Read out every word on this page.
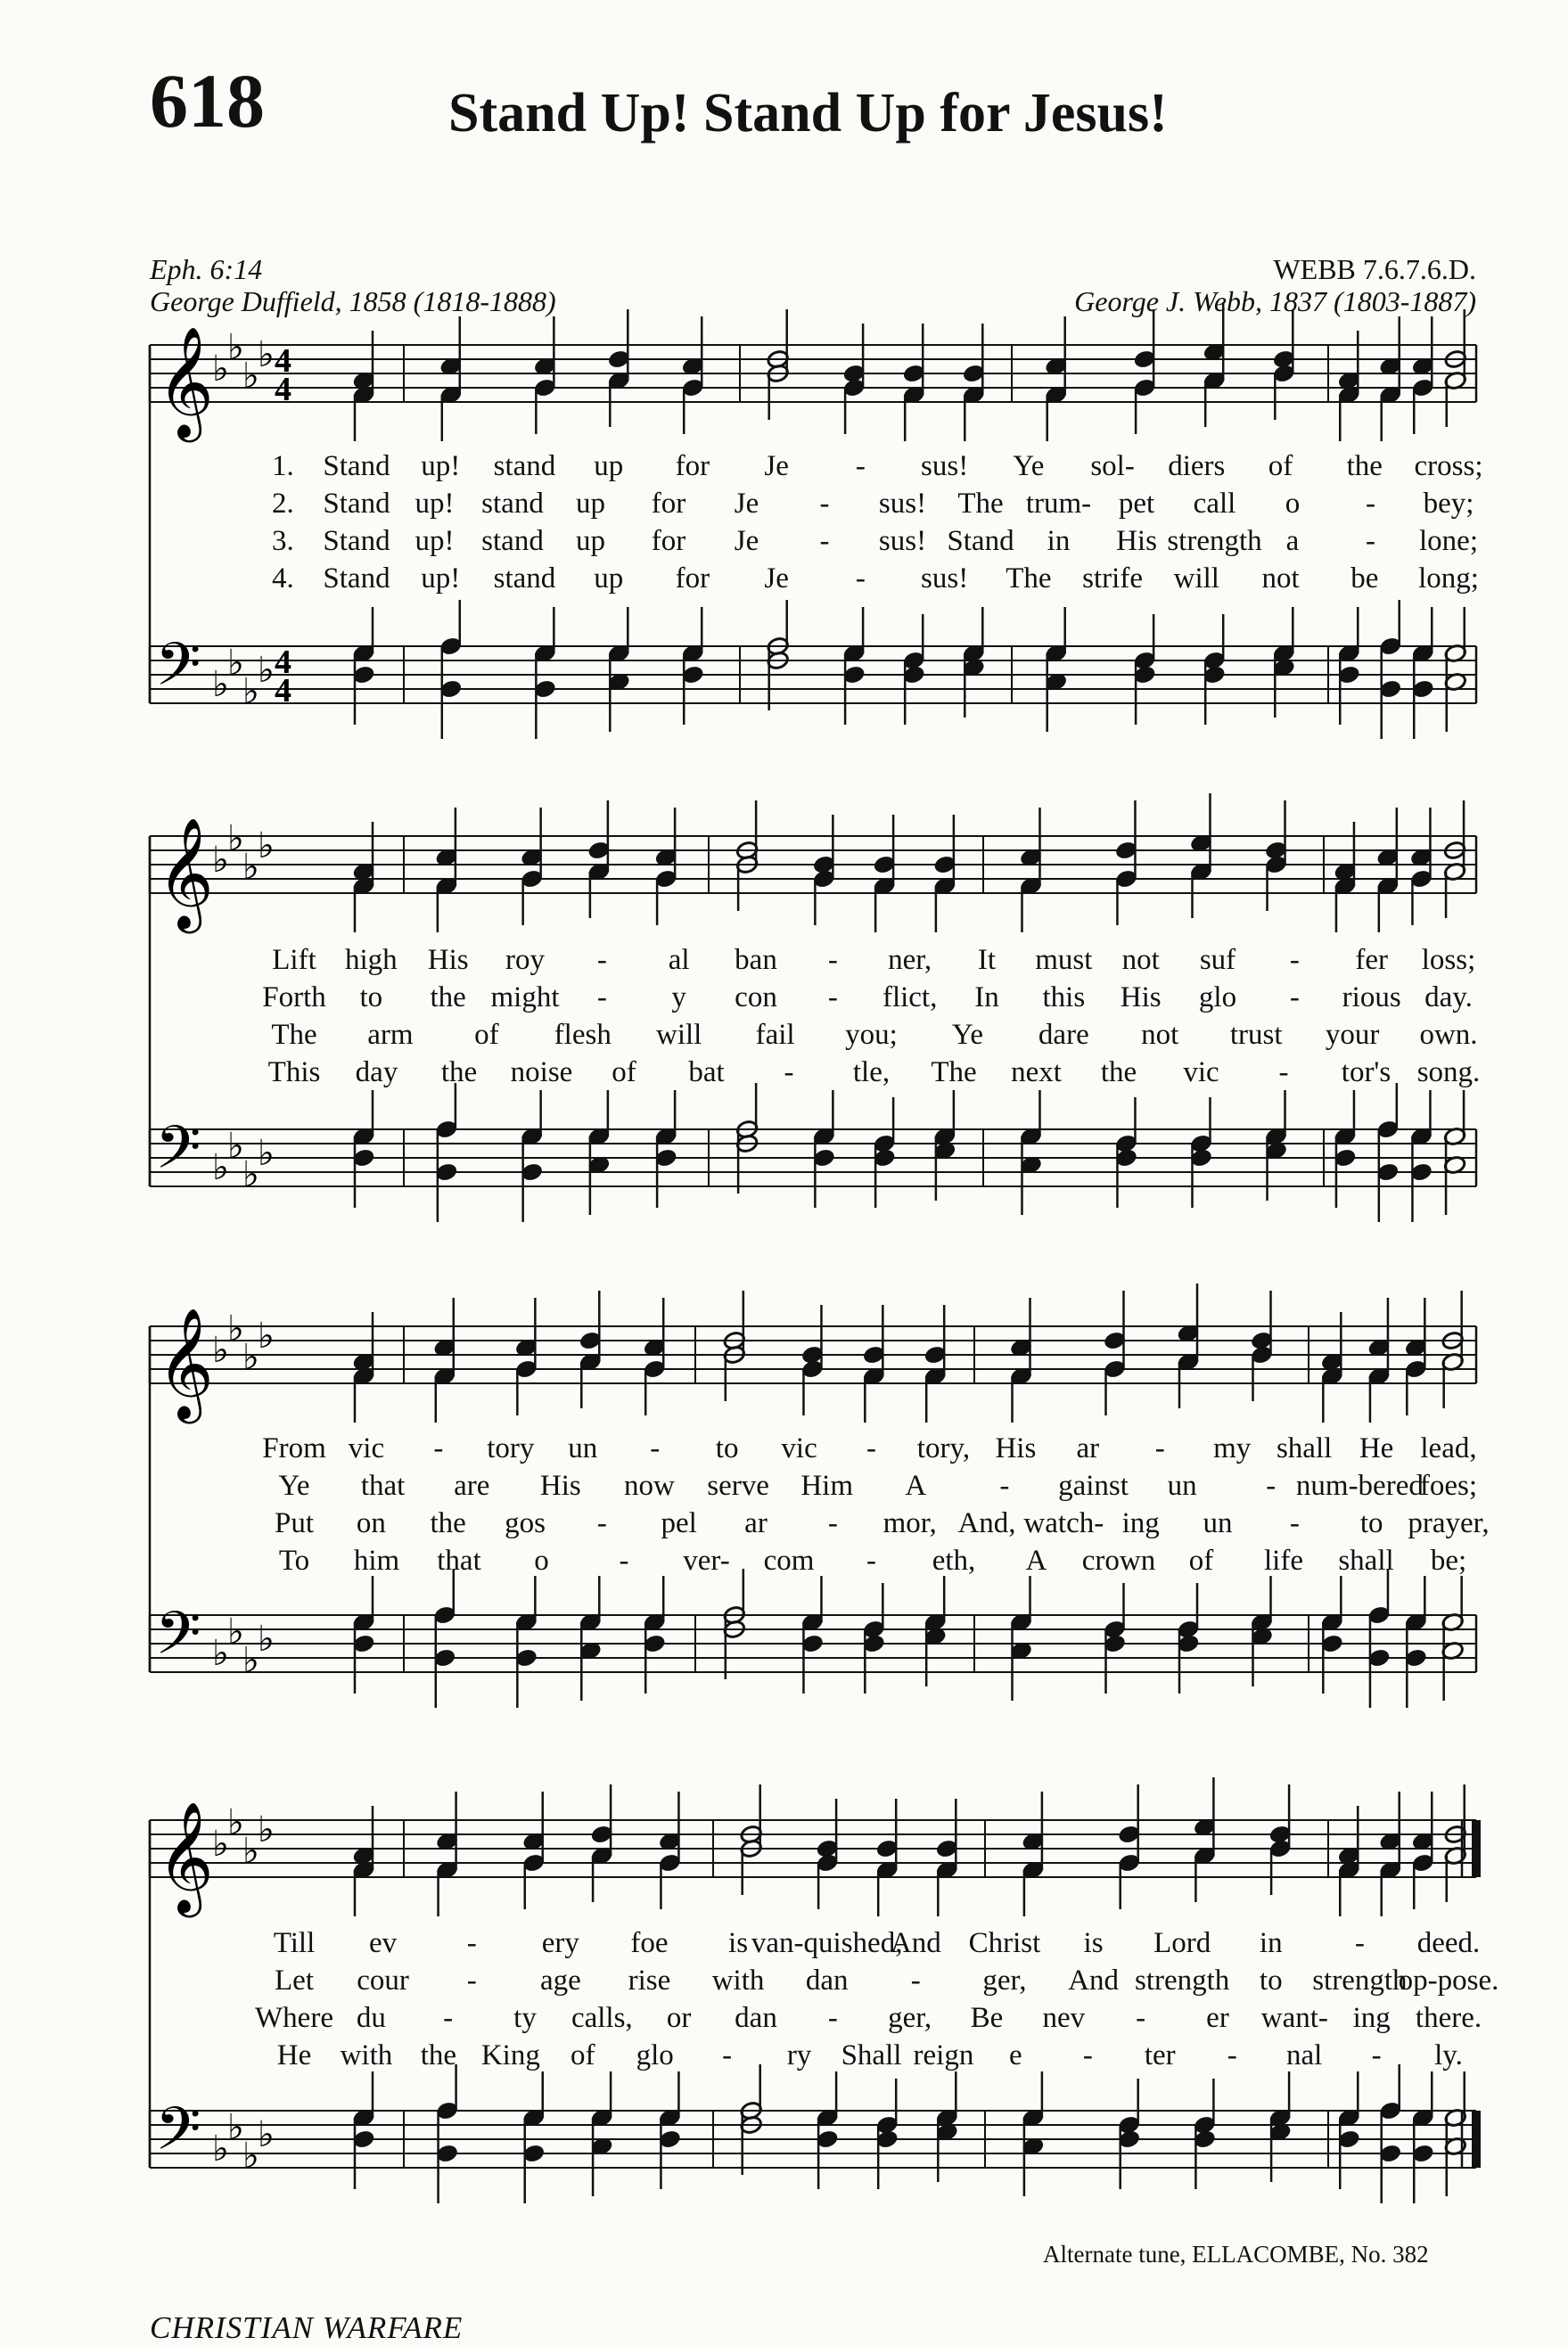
618	Stand Up! Stand Up for Jesus!
Eph. 6:14
George Duffield, 1858 (1818-1888)
WEBB 7.6.7.6.D.
George J. Webb, 1837 (1803-1887)
𝄞
♭
♭
♭
♭ 4
4
𝄢 ♭
♭
♭
♭ 4
4
𝄞
♭
♭
♭
♭
𝄢 ♭
♭
♭
♭
𝄞
♭
♭
♭
♭
𝄢 ♭
♭
♭
♭
𝄞
♭
♭
♭
♭
𝄢 ♭
♭
♭
♭
1. Stand up! stand up for Je - sus! Ye sol- diers of the cross;
2. Stand up! stand up for Je - sus! The trum- pet call o - bey;
3. Stand up! stand up for Je - sus! Stand in His strength a - lone;
4. Stand up! stand up for Je - sus! The strife will not be long;
Lift high His roy - al ban - ner, It must not suf - fer loss;
Forth to the might - y con - flict, In this His glo - rious day.
The arm of flesh will fail you; Ye dare not trust your own.
This day the noise of bat - tle, The next the vic - tor's song.
From vic - tory un - to vic - tory, His ar - my shall He lead,
Ye that are His now serve Him A - gainst un - num-bered
foes;
Put on the gos - pel ar - mor, And, watch- ing un - to prayer,
To him that o - ver- com - eth, A crown of life shall be;
Till ev - ery foe is van-quished,
And Christ is Lord in - deed.
Let cour - age rise with dan - ger, And strength to strength
op-pose.
Where du - ty calls, or dan - ger, Be nev - er want- ing there.
He with the King of glo - ry Shall reign e - ter - nal - ly.
Alternate tune, ELLACOMBE, No. 382
CHRISTIAN WARFARE
